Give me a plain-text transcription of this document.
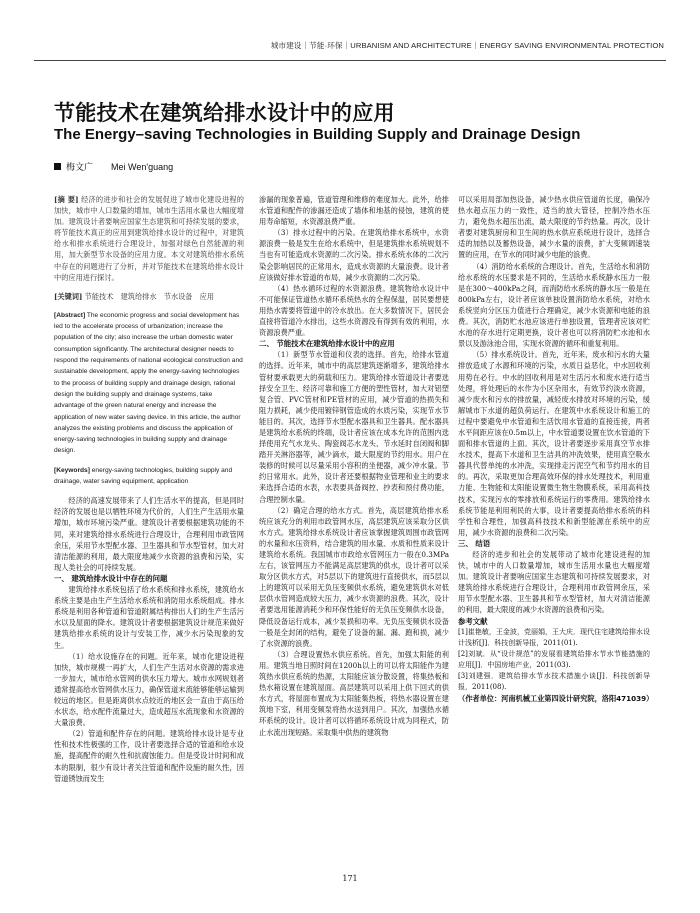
城市建设｜节能·环保｜URBANISM AND ARCHITECTURE｜ENERGY SAVING ENVIRONMENTAL PROTECTION
节能技术在建筑给排水设计中的应用
The Energy–saving Technologies in Building Supply and Drainage Design
梅文广　　Mei Wen'guang

[摘 要] 经济的进步和社会的发展促进了城市化建设进程的加快，城市中人口数量的增加，城市生活用水量也大幅度增加。建筑设计者要响应国家生态建筑和可持续发展的要求，将节能技术真正的应用到建筑给排水设计的过程中，对建筑给水和排水系统进行合理设计，加强对绿色自然能源的利用，加大新型节水设备的应用力度。本文对建筑给排水系统中存在的问题进行了分析，并对节能技术在建筑给排水设计中的应用进行探讨。

[关键词] 节能技术　建筑给排水　节水设备　应用

[Abstract] The economic progress and social development has led to the accelerate process of urbanization; increase the population of the city; also increase the urban domestic water consumption significantly. The architectural designer needs to respond the requirements of national ecological construction and sustainable development, apply the energy-saving technologies to the process of building supply and drainage design, rational design the building supply and drainage systems, take advantage of the green natural energy and increase the application of new water saving device. In this article, the author analyzes the existing problems and discuss the application of energy-saving technologies in building supply and drainage design.

[Keywords] energy-saving technologies, building supply and drainage, water saving equipment, application

经济的高速发展带来了人们生活水平的提高，但是同时经济的发展也是以牺牲环境为代价的，人们生产生活用水量增加，城市环境污染严重。建筑设计者要根据建筑功能的不同，来对建筑给排水系统进行合理设计，合理利用市政管网余压，采用节水型配水器、卫生器具和节水型管材，加大对清洁能源的利用，最大限度地减少水资源的浪费和污染，实现人类社会的可持续发展。

一、 建筑给排水设计中存在的问题

建筑给排水系统包括了给水系统和排水系统，建筑给水系统主要是由生产生活给水系统和消防用水系统组成。排水系统是利用各种管道和管道附属结构排出人们的生产生活污水以及屋面的降水。建筑设计者要根据建筑设计规范来做好建筑给排水系统的设计与安装工作，减少水污染现象的发生。

（1）给水设施存在的问题。近年来，城市化建设进程加快，城市规模一再扩大，人们生产生活对水资源的需求进一步加大，城市给水管网的供水压力增大。城市水网规划者通常提高给水管网供水压力，确保管道末流能够能够运输到较远的地区。但是距离供水点较近的地区会一直由于高压给水状态，给水配件流量过大，造成超压水流现象和水资源的大量浪费。

（2）管道和配件存在的问题。建筑给排水设计是专业性和技术性极强的工作，设计者要选择合适的管道和给水设施，提高配件的耐久性和抗腐蚀能力。但是受设计时间和成本的限制，很少有设计者关注管道和配件设施的耐久性，因管道锈蚀而发生

渗漏的现象普遍，管道管理和维修的难度加大。此外，给排水管道和配件的渗漏还造成了墙体和地基的侵蚀，建筑的使用寿命缩短，水资源浪费严重。

（3）排水过程中的污染。在建筑给排水系统中，水资源浪费一般是发生在给水系统中，但是建筑排水系统规划不当也有可能造成水资源的二次污染。排水系统水体的二次污染会影响居民的正常用水，造成水资源的大量浪费。设计者应该做好排水管道的布局，减少水资源的二次污染。

（4）热水循环过程的水资源浪费。建筑物给水设计中不可能保证管道热水循环系统热水的全程保温，居民要想使用热水需要将管道中的冷水放出。在大多数情况下，居民会直接将管道冷水排出，这些水资源没有得到有效的利用，水资源浪费严重。

二、 节能技术在建筑给排水设计中的应用

（1）新型节水管道和仪表的选择。首先，给排水管道的选择。近年来，城市中的高层建筑逐渐增多，建筑给排水管材要承载更大的荷载和压力。建筑给排水管道设计者要选择安全卫生、经济可靠和施工方便的塑性管材，加大对铝塑复合管、PVC管材和PE管材的应用，减少管道的热损失和阻力损耗，减少使用镀锌钢管造成的水质污染，实现节水节能目的。其次，选择节水型配水器具和卫生器具。配水器具是建筑给水系统的终端，设计者应该在成本允许的范围内选择使用充气水龙头、陶瓷阀芯水龙头、节水延时自闭阀和脚踏开关淋浴器等，减少滴水，最大限度的节约用水。用户在装修的时候可以尽量采用小容积的坐便器，减少冲水量。节约日常用水。此外，设计者还要根据物业管理和业主的要求来选择合适的水表，水表要具备阀控、抄表和预付费功能，合理控制水量。

（2）确定合理的给水方式。首先，高层建筑给排水系统应该充分的利用市政管网水压，高层建筑应该采取分区供水方式。建筑给排水系统设计者应该掌握建筑周围市政管网的水量和水压资料，结合建筑的用水量、水质和性质来设计建筑给水系统。我国城市市政给水管网压力一般在0.3MPa左右，该管网压力不能满足高层建筑的供水，设计者可以采取分区供水方式，对5层以下的建筑进行直接供水，而5层以上的建筑可以采用无负压变频供水系统，避免建筑供水对低层供水管网造成较大压力，减少水资源的浪费。其次，设计者要选用能源消耗少和环保性能好的无负压变频供水设备，降低设备运行成本，减少泵损和功率。无负压变频供水设备一般是全封闭的结构，避免了设备的漏、漏、跑和损，减少了水资源的浪费。

（3）合理设置热水供应系统。首先，加强太阳能的利用。建筑当地日照时间在1200h以上的可以将太阳能作为建筑热水供应系统的热源，太阳能应该分散设置，将集热板和热水箱设置在建筑屋面。高层建筑可以采用上供下回式的供水方式，将屋面布置成为太阳能集热板，将热水器设置在建筑地下室，利用变频泵将热水送到用户。其次，加强热水循环系统的设计。设计者可以将循环系统设计成为同程式，防止水流出现短路。采取集中供热的建筑物

可以采用局部加热设备，减少热水供应管道的长度，确保冷热水超点压力的一致性，适当的放大管径，控制冷热水压力，避免热水超压出流，最大限度的节约热量。再次，设计者要对建筑厨房和卫生间的热水供应系统进行设计，选择合适的加热以及蓄热设备，减少水量的浪费，扩大变频调速装置的应用，在节水的同时减少电能的浪费。

（4）消防给水系统的合理设计。首先，生活给水和消防给水系统的水压要求是不同的，生活给水系统静水压力一般是在300～400kPa之间，而消防给水系统的静水压一般是在800kPa左右，设计者应该单独设置消防给水系统，对给水系统竖向分区压力值进行合理确定，减少水资源和电能的浪费。其次，消防贮水池应该进行单独设置，管理者应该对贮水池的存水进行定期更换，设计者也可以将消防贮水池和水景以及游泳池合用，实现水资源的循环和重复利用。

（5）排水系统设计。首先，近年来，废水和污水的大量排放造成了水源和环境的污染，水质日益恶化，中水回收利用势在必行。中水的回收利用是对生活污水和废水进行适当处理，将处理后的水作为小区杂用水，有效节约淡水资源，减少废水和污水的排放量，减轻废水排放对环境的污染，缓解城市下水道的超负荷运行。在建筑中水系统设计和施工的过程中要避免中水管道和生活饮用水管道的直接连接，两者水平间距应该在0.5m以上，中水管道要设置在饮水管道的下面和排水管道的上面。其次，设计者要逐步采用真空节水排水技术，提高下水道和卫生洁具的冲洗效果，使用真空吸水器具代替单纯的水冲洗，实现排走污泥空气和节约用水的目的。再次，采取更加合理高效环保的排水处理技术，利用重力能、生物能和太阳能设置微生物生物膜系统，采用高科技技术，实现污水的零排放和系统运行的零费用。建筑给排水系统节能是利用利民的大事，设计者要提高给排水系统的科学性和合理性，加强高科技技术和新型能源在系统中的应用，减少水资源的浪费和二次污染。

三、 结语

经济的进步和社会的发展带动了城市化建设进程的加快，城市中的人口数量增加，城市生活用水量也大幅度增加。建筑设计者要响应国家生态建筑和可持续发展要求，对建筑给排水系统进行合理设计，合理利用市政管网余压，采用节水型配水器、卫生器具和节水型管材，加大对清洁能源的利用，最大限度的减少水资源的浪费和污染。

参考文献

[1]崔艳敏，王金波，党丽娟，王大庆．现代住宅建筑给排水设计浅析[J]．科技创新导报，2011(01).

[2]刘斌．从“设计规范”的发展看建筑给排水节水节能措施的应用[J]．中国房地产业，2011(03).

[3]刘建强．建筑给排水节水技术措施小谈[J]．科技创新导报，2011(08).

（作者单位：河南机械工业第四设计研究院，洛阳471039）

171
